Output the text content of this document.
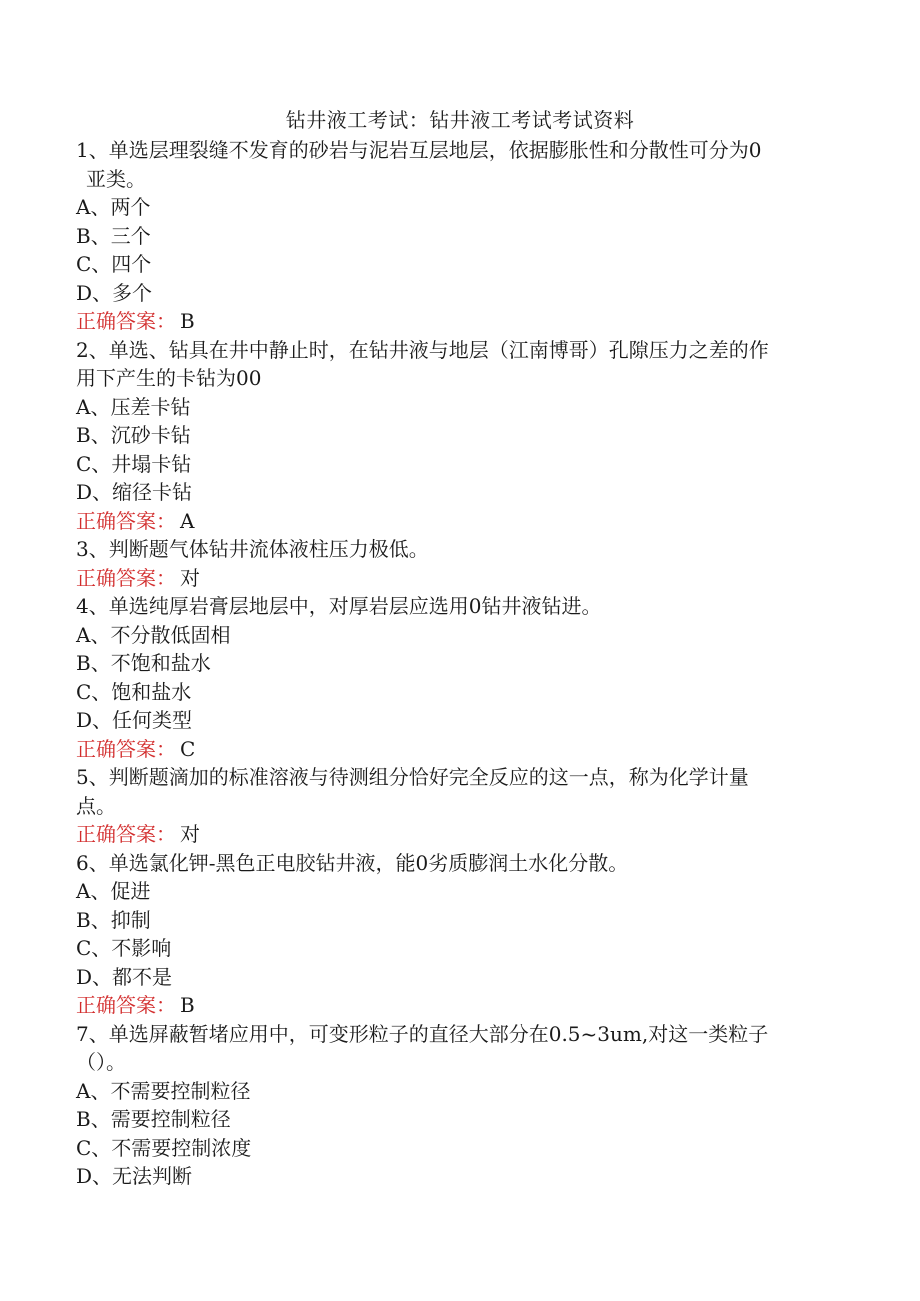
钻井液工考试：钻井液工考试考试资料
1、单选层理裂缝不发育的砂岩与泥岩互层地层，依据膨胀性和分散性可分为0
亚类。
A、两个
B、三个
C、四个
D、多个
正确答案： B
2、单选、钻具在井中静止时，在钻井液与地层（江南博哥）孔隙压力之差的作
用下产生的卡钻为00
A、压差卡钻
B、沉砂卡钻
C、井塌卡钻
D、缩径卡钻
正确答案： A
3、判断题气体钻井流体液柱压力极低。
正确答案： 对
4、单选纯厚岩膏层地层中，对厚岩层应选用0钻井液钻进。
A、不分散低固相
B、不饱和盐水
C、饱和盐水
D、任何类型
正确答案： C
5、判断题滴加的标准溶液与待测组分恰好完全反应的这一点，称为化学计量
点。
正确答案： 对
6、单选氯化钾-黑色正电胶钻井液，能0劣质膨润土水化分散。
A、促进
B、抑制
C、不影响
D、都不是
正确答案： B
7、单选屏蔽暂堵应用中，可变形粒子的直径大部分在0.5~3um,对这一类粒子
（）。
A、不需要控制粒径
B、需要控制粒径
C、不需要控制浓度
D、无法判断
